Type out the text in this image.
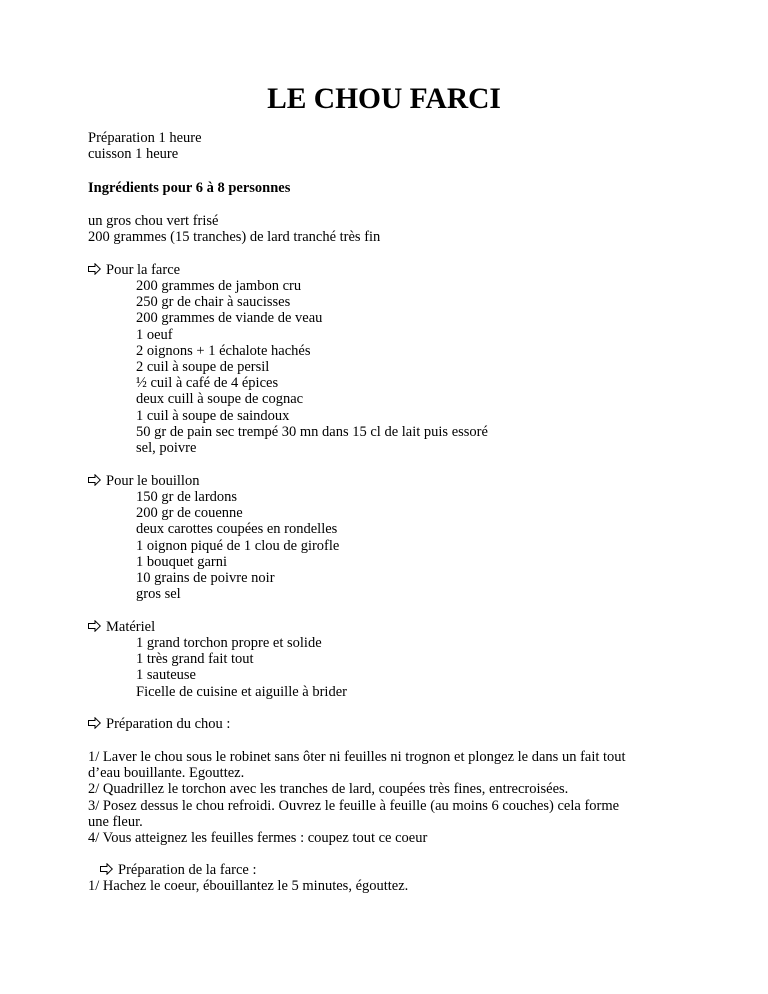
LE CHOU FARCI
Préparation 1 heure
cuisson 1 heure
Ingrédients pour 6 à 8 personnes
un gros chou vert frisé
200 grammes (15 tranches) de lard tranché très fin
Pour la farce
200 grammes de jambon cru
250 gr de chair à saucisses
200 grammes de viande de veau
1 oeuf
2 oignons + 1 échalote hachés
2 cuil à soupe de persil
½ cuil à café de 4 épices
deux cuill à soupe de cognac
1 cuil à soupe de saindoux
50 gr de pain sec trempé 30 mn dans 15 cl de lait puis essoré
sel, poivre
Pour le bouillon
150 gr de lardons
200 gr de couenne
deux carottes coupées en rondelles
1 oignon piqué de 1 clou de girofle
1 bouquet garni
10 grains de poivre noir
gros sel
Matériel
1 grand torchon propre et solide
1 très grand fait tout
1 sauteuse
Ficelle de cuisine et aiguille à brider
Préparation du chou :
1/ Laver le chou sous le robinet sans ôter ni feuilles ni trognon et plongez le dans un fait tout
d’eau bouillante. Egouttez.
2/ Quadrillez le torchon avec les tranches de lard, coupées très fines, entrecroisées.
3/ Posez dessus le chou refroidi. Ouvrez le feuille à feuille (au moins 6 couches) cela forme
une fleur.
4/ Vous atteignez les feuilles fermes : coupez tout ce coeur
Préparation de la farce :
1/ Hachez le coeur, ébouillantez le 5 minutes, égouttez.
